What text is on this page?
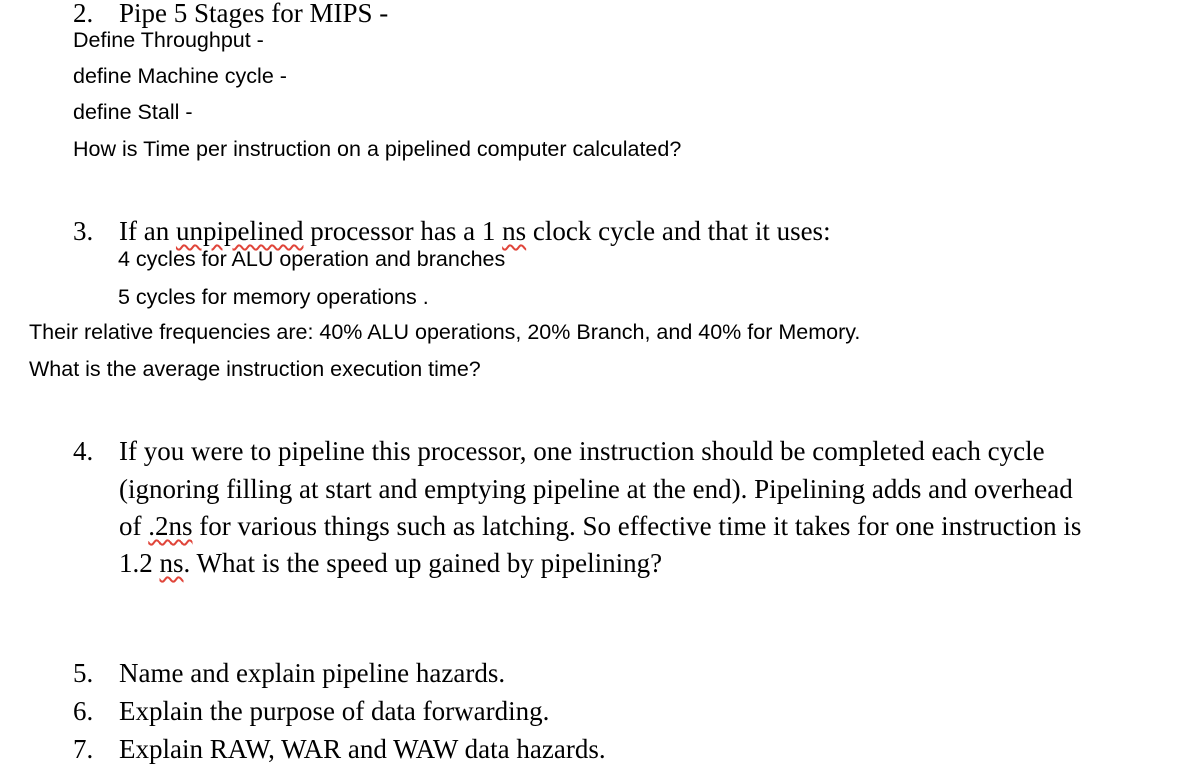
2. Pipe 5 Stages for MIPS -
Define Throughput -
define Machine cycle -
define Stall -
How is Time per instruction on a pipelined computer calculated?
3. If an unpipelined processor has a 1 ns clock cycle and that it uses:
4 cycles for ALU operation and branches
5 cycles for memory operations .
Their relative frequencies are: 40% ALU operations, 20% Branch, and 40% for Memory.
What is the average instruction execution time?
4. If you were to pipeline this processor, one instruction should be completed each cycle
(ignoring filling at start and emptying pipeline at the end). Pipelining adds and overhead
of .2ns for various things such as latching. So effective time it takes for one instruction is
1.2 ns. What is the speed up gained by pipelining?
5. Name and explain pipeline hazards.
6. Explain the purpose of data forwarding.
7. Explain RAW, WAR and WAW data hazards.
